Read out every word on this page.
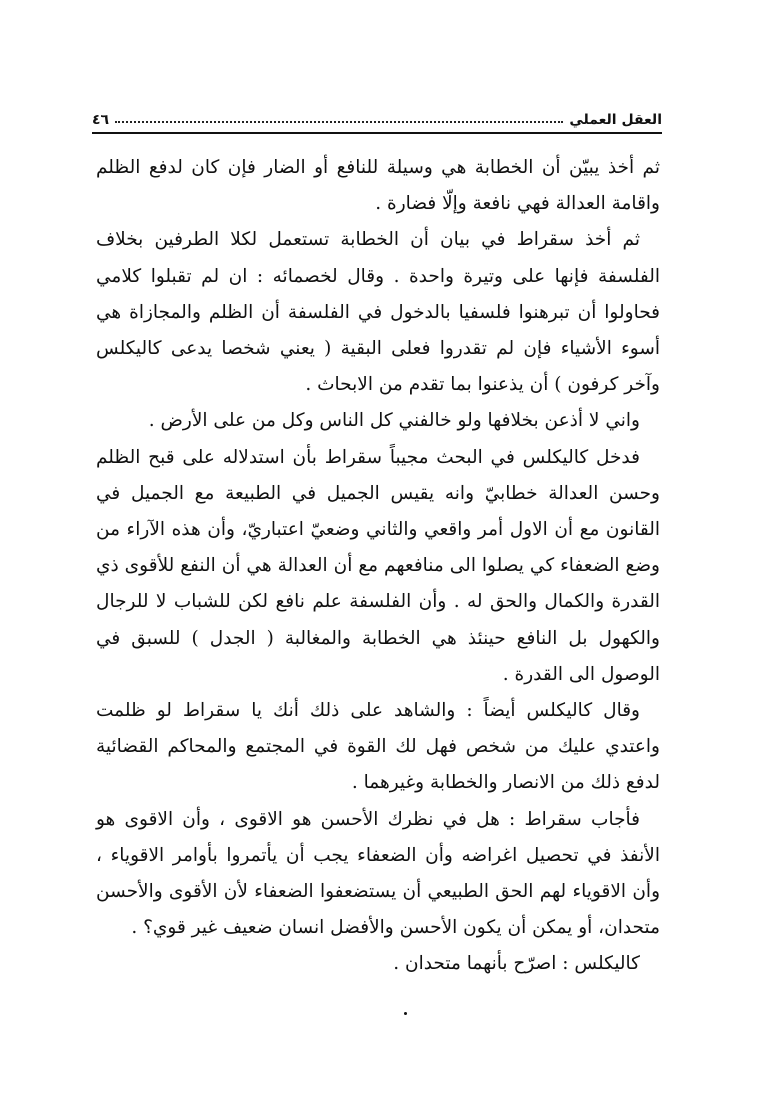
العقل العملي
٤٦

ثم أخذ يبيّن أن الخطابة هي وسيلة للنافع أو الضار فإن كان لدفع الظلم واقامة العدالة فهي نافعة وإلّا فضارة .

ثم أخذ سقراط في بيان أن الخطابة تستعمل لكلا الطرفين بخلاف الفلسفة فإنها على وتيرة واحدة . وقال لخصمائه : ان لم تقبلوا كلامي فحاولوا أن تبرهنوا فلسفيا بالدخول في الفلسفة أن الظلم والمجازاة هي أسوء الأشياء فإن لم تقدروا فعلى البقية ( يعني شخصا يدعى كاليكلس وآخر كرفون ) أن يذعنوا بما تقدم من الابحاث .

واني لا أذعن بخلافها ولو خالفني كل الناس وكل من على الأرض .

فدخل كاليكلس في البحث مجيباً سقراط بأن استدلاله على قبح الظلم وحسن العدالة خطابيّ وانه يقيس الجميل في الطبيعة مع الجميل في القانون مع أن الاول أمر واقعي والثاني وضعيّ اعتباريّ، وأن هذه الآراء من وضع الضعفاء كي يصلوا الى منافعهم مع أن العدالة هي أن النفع للأقوى ذي القدرة والكمال والحق له . وأن الفلسفة علم نافع لكن للشباب لا للرجال والكهول بل النافع حينئذ هي الخطابة والمغالبة ( الجدل ) للسبق في الوصول الى القدرة .

وقال كاليكلس أيضاً : والشاهد على ذلك أنك يا سقراط لو ظلمت واعتدي عليك من شخص فهل لك القوة في المجتمع والمحاكم القضائية لدفع ذلك من الانصار والخطابة وغيرهما .

فأجاب سقراط : هل في نظرك الأحسن هو الاقوى ، وأن الاقوى هو الأنفذ في تحصيل اغراضه وأن الضعفاء يجب أن يأتمروا بأوامر الاقوياء ، وأن الاقوياء لهم الحق الطبيعي أن يستضعفوا الضعفاء لأن الأقوى والأحسن متحدان، أو يمكن أن يكون الأحسن والأفضل انسان ضعيف غير قوي؟ .

كاليكلس : اصرّح بأنهما متحدان .
